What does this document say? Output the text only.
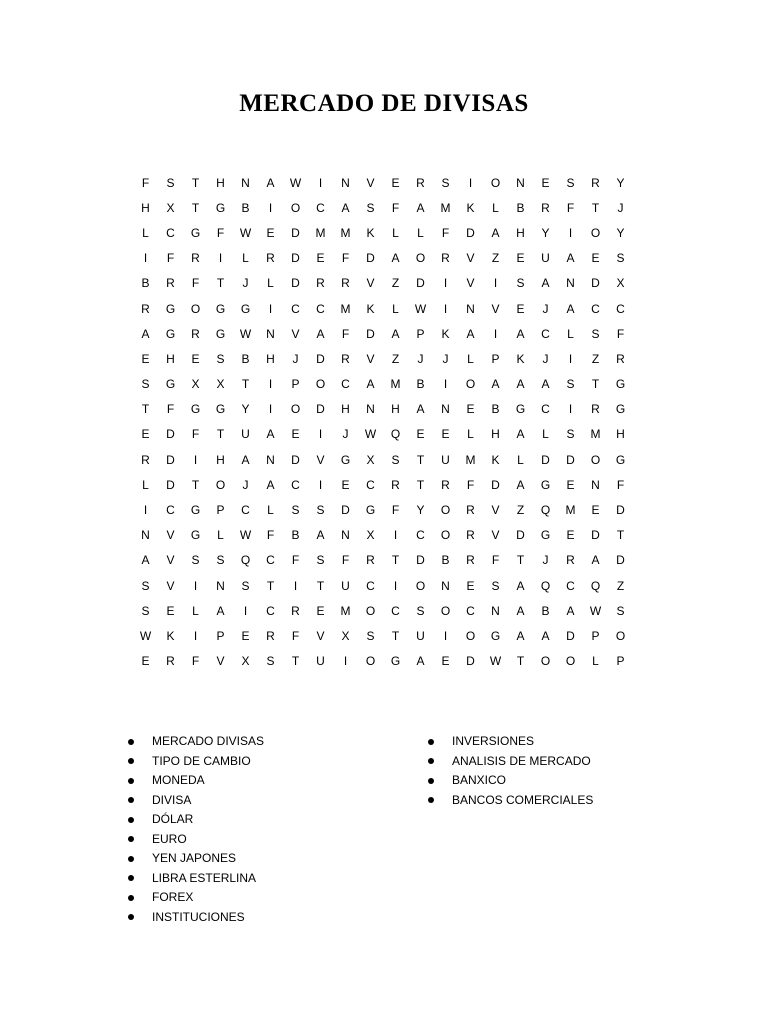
MERCADO DE DIVISAS
F	S	T	H	N	A	W	I	N	V	E	R	S	I	O	N	E	S	R	Y
H	X	T	G	B	I	O	C	A	S	F	A	M	K	L	B	R	F	T	J
L	C	G	F	W	E	D	M	M	K	L	L	F	D	A	H	Y	I	O	Y
I	F	R	I	L	R	D	E	F	D	A	O	R	V	Z	E	U	A	E	S
B	R	F	T	J	L	D	R	R	V	Z	D	I	V	I	S	A	N	D	X
R	G	O	G	G	I	C	C	M	K	L	W	I	N	V	E	J	A	C	C
A	G	R	G	W	N	V	A	F	D	A	P	K	A	I	A	C	L	S	F
E	H	E	S	B	H	J	D	R	V	Z	J	J	L	P	K	J	I	Z	R
S	G	X	X	T	I	P	O	C	A	M	B	I	O	A	A	A	S	T	G
T	F	G	G	Y	I	O	D	H	N	H	A	N	E	B	G	C	I	R	G
E	D	F	T	U	A	E	I	J	W	Q	E	E	L	H	A	L	S	M	H
R	D	I	H	A	N	D	V	G	X	S	T	U	M	K	L	D	D	O	G
L	D	T	O	J	A	C	I	E	C	R	T	R	F	D	A	G	E	N	F
I	C	G	P	C	L	S	S	D	G	F	Y	O	R	V	Z	Q	M	E	D
N	V	G	L	W	F	B	A	N	X	I	C	O	R	V	D	G	E	D	T
A	V	S	S	Q	C	F	S	F	R	T	D	B	R	F	T	J	R	A	D
S	V	I	N	S	T	I	T	U	C	I	O	N	E	S	A	Q	C	Q	Z
S	E	L	A	I	C	R	E	M	O	C	S	O	C	N	A	B	A	W	S
W	K	I	P	E	R	F	V	X	S	T	U	I	O	G	A	A	D	P	O
E	R	F	V	X	S	T	U	I	O	G	A	E	D	W	T	O	O	L	P
MERCADO DIVISAS
TIPO DE CAMBIO
MONEDA
DIVISA
DÓLAR
EURO
YEN JAPONES
LIBRA ESTERLINA
FOREX
INSTITUCIONES
INVERSIONES
ANALISIS DE MERCADO
BANXICO
BANCOS COMERCIALES
